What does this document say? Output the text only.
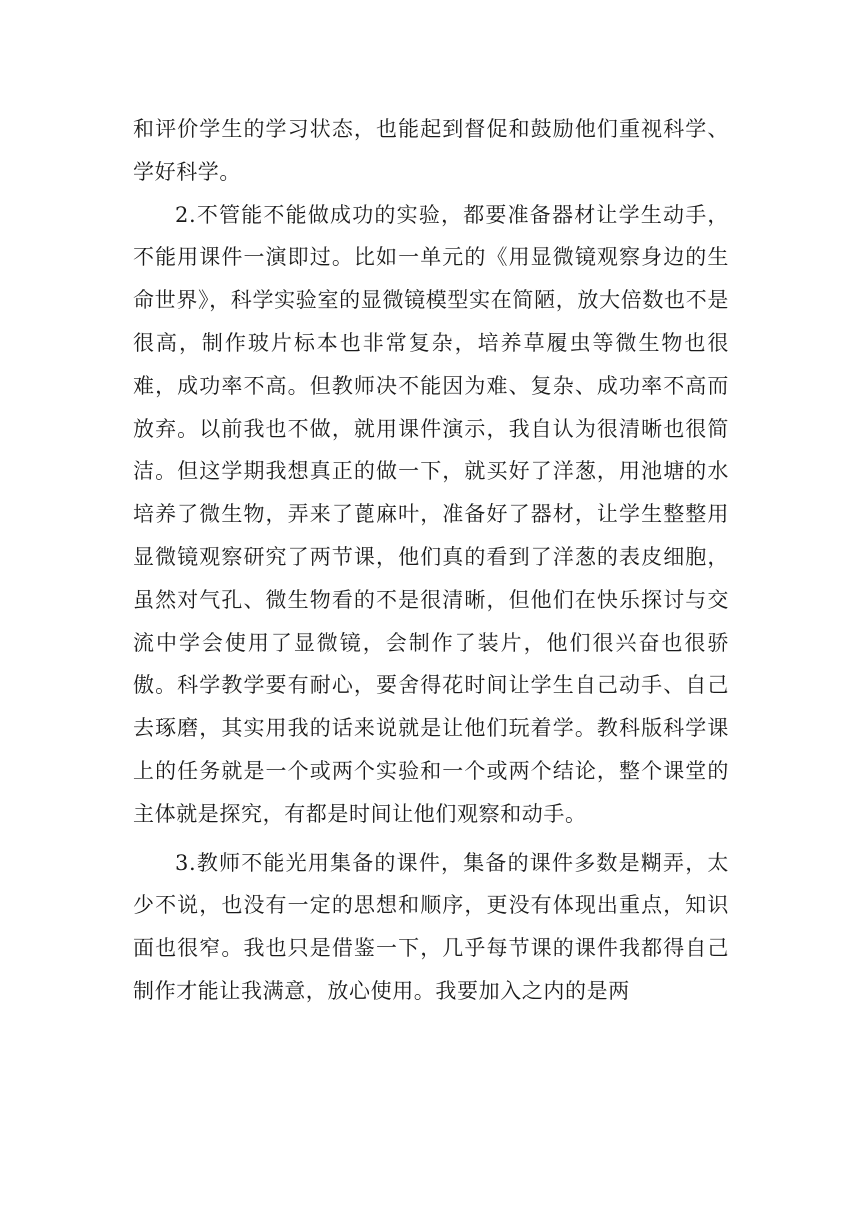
和评价学生的学习状态，也能起到督促和鼓励他们重视科学、学好科学。

2.不管能不能做成功的实验，都要准备器材让学生动手，不能用课件一演即过。比如一单元的《用显微镜观察身边的生命世界》，科学实验室的显微镜模型实在简陋，放大倍数也不是很高，制作玻片标本也非常复杂，培养草履虫等微生物也很难，成功率不高。但教师决不能因为难、复杂、成功率不高而放弃。以前我也不做，就用课件演示，我自认为很清晰也很简洁。但这学期我想真正的做一下，就买好了洋葱，用池塘的水培养了微生物，弄来了蓖麻叶，准备好了器材，让学生整整用显微镜观察研究了两节课，他们真的看到了洋葱的表皮细胞，虽然对气孔、微生物看的不是很清晰，但他们在快乐探讨与交流中学会使用了显微镜，会制作了装片，他们很兴奋也很骄傲。科学教学要有耐心，要舍得花时间让学生自己动手、自己去琢磨，其实用我的话来说就是让他们玩着学。教科版科学课上的任务就是一个或两个实验和一个或两个结论，整个课堂的主体就是探究，有都是时间让他们观察和动手。

3.教师不能光用集备的课件，集备的课件多数是糊弄，太少不说，也没有一定的思想和顺序，更没有体现出重点，知识面也很窄。我也只是借鉴一下，几乎每节课的课件我都得自己制作才能让我满意，放心使用。我要加入之内的是两
